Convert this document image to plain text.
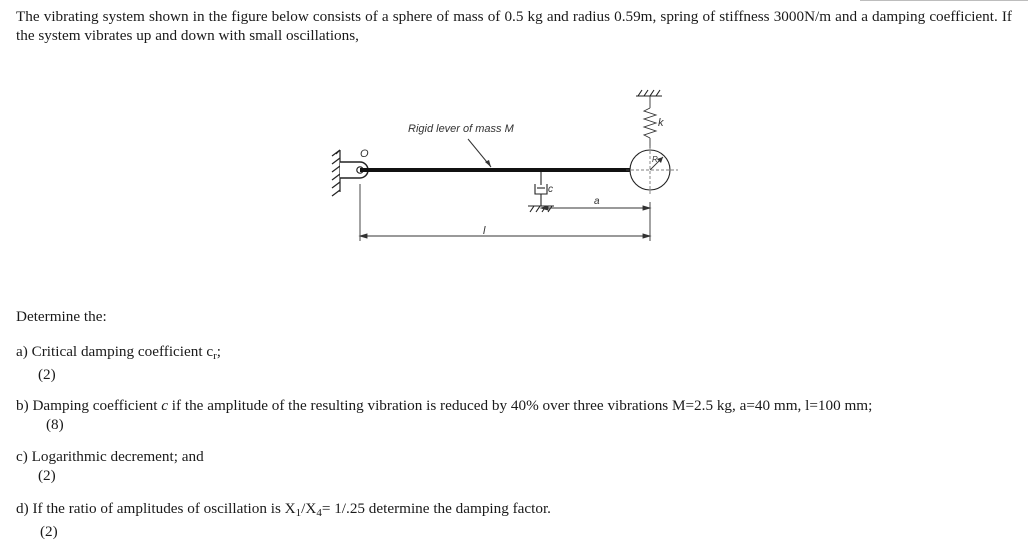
The vibrating system shown in the figure below consists of a sphere of mass of 0.5 kg and radius 0.59m, spring of stiffness 3000N/m and a damping coefficient. If the system vibrates up and down with small oscillations,
O
Rigid lever of mass M
c
a
l
k
R
Determine the:
a) Critical damping coefficient $c_r$;
(2)
b) Damping coefficient c if the amplitude of the resulting vibration is reduced by 40% over three vibrations M=2.5 kg, a=40 mm, l=100 mm;
(8)
c) Logarithmic decrement; and
(2)
d) If the ratio of amplitudes of oscillation is $X_1/X_4= 1/.25$ determine the damping factor.
(2)
